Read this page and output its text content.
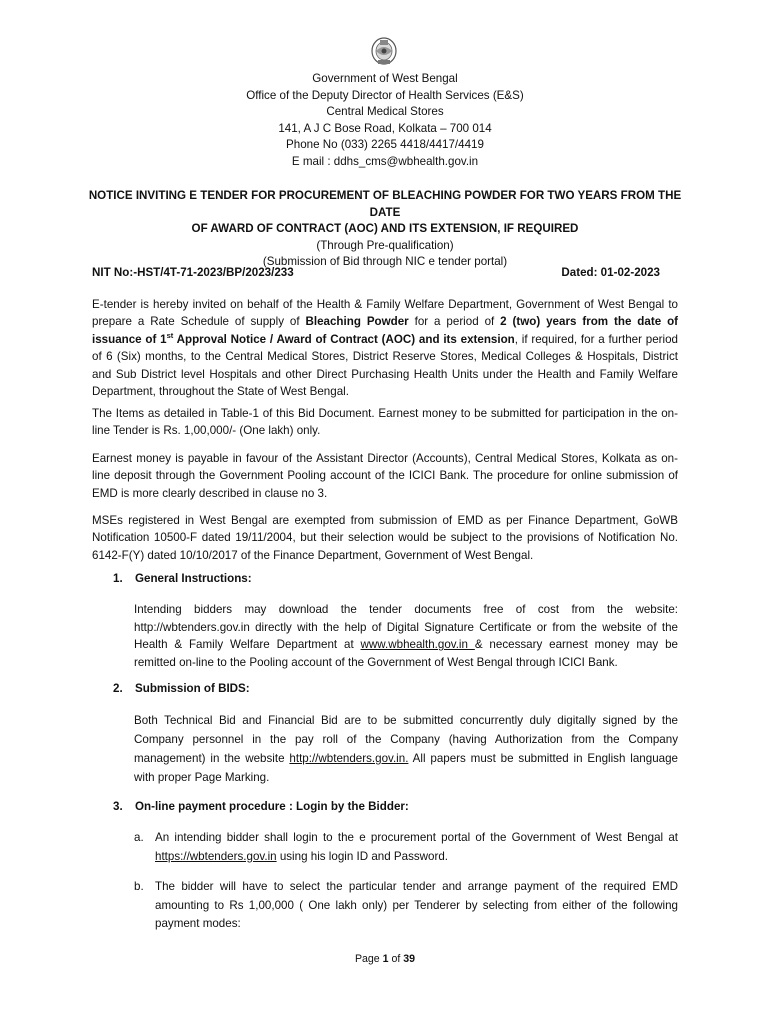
Government of West Bengal
Office of the Deputy Director of Health Services (E&S)
Central Medical Stores
141, A J C Bose Road, Kolkata – 700 014
Phone No (033) 2265 4418/4417/4419
E mail : ddhs_cms@wbhealth.gov.in
NOTICE INVITING E TENDER FOR PROCUREMENT OF BLEACHING POWDER FOR TWO YEARS FROM THE DATE
OF AWARD OF CONTRACT (AOC) AND ITS EXTENSION, IF REQUIRED
(Through Pre-qualification)
(Submission of Bid through NIC e tender portal)
NIT No:-HST/4T-71-2023/BP/2023/233	Dated: 01-02-2023

E-tender is hereby invited on behalf of the Health & Family Welfare Department, Government of West Bengal to prepare a Rate Schedule of supply of Bleaching Powder for a period of 2 (two) years from the date of issuance of 1st Approval Notice / Award of Contract (AOC) and its extension, if required, for a further period of 6 (Six) months, to the Central Medical Stores, District Reserve Stores, Medical Colleges & Hospitals, District and Sub District level Hospitals and other Direct Purchasing Health Units under the Health and Family Welfare Department, throughout the State of West Bengal.

The Items as detailed in Table-1 of this Bid Document. Earnest money to be submitted for participation in the on-line Tender is Rs. 1,00,000/- (One lakh) only.

Earnest money is payable in favour of the Assistant Director (Accounts), Central Medical Stores, Kolkata as on-line deposit through the Government Pooling account of the ICICI Bank. The procedure for online submission of EMD is more clearly described in clause no 3.

MSEs registered in West Bengal are exempted from submission of EMD as per Finance Department, GoWB Notification 10500-F dated 19/11/2004, but their selection would be subject to the provisions of Notification No. 6142-F(Y) dated 10/10/2017 of the Finance Department, Government of West Bengal.

1. General Instructions:

Intending bidders may download the tender documents free of cost from the website: http://wbtenders.gov.in directly with the help of Digital Signature Certificate or from the website of the Health & Family Welfare Department at www.wbhealth.gov.in & necessary earnest money may be remitted on-line to the Pooling account of the Government of West Bengal through ICICI Bank.

2. Submission of BIDS:

Both Technical Bid and Financial Bid are to be submitted concurrently duly digitally signed by the Company personnel in the pay roll of the Company (having Authorization from the Company management) in the website http://wbtenders.gov.in. All papers must be submitted in English language with proper Page Marking.

3. On-line payment procedure : Login by the Bidder:

a. An intending bidder shall login to the e procurement portal of the Government of West Bengal at https://wbtenders.gov.in using his login ID and Password.

b. The bidder will have to select the particular tender and arrange payment of the required EMD amounting to Rs 1,00,000 ( One lakh only) per Tenderer by selecting from either of the following payment modes:

Page 1 of 39
